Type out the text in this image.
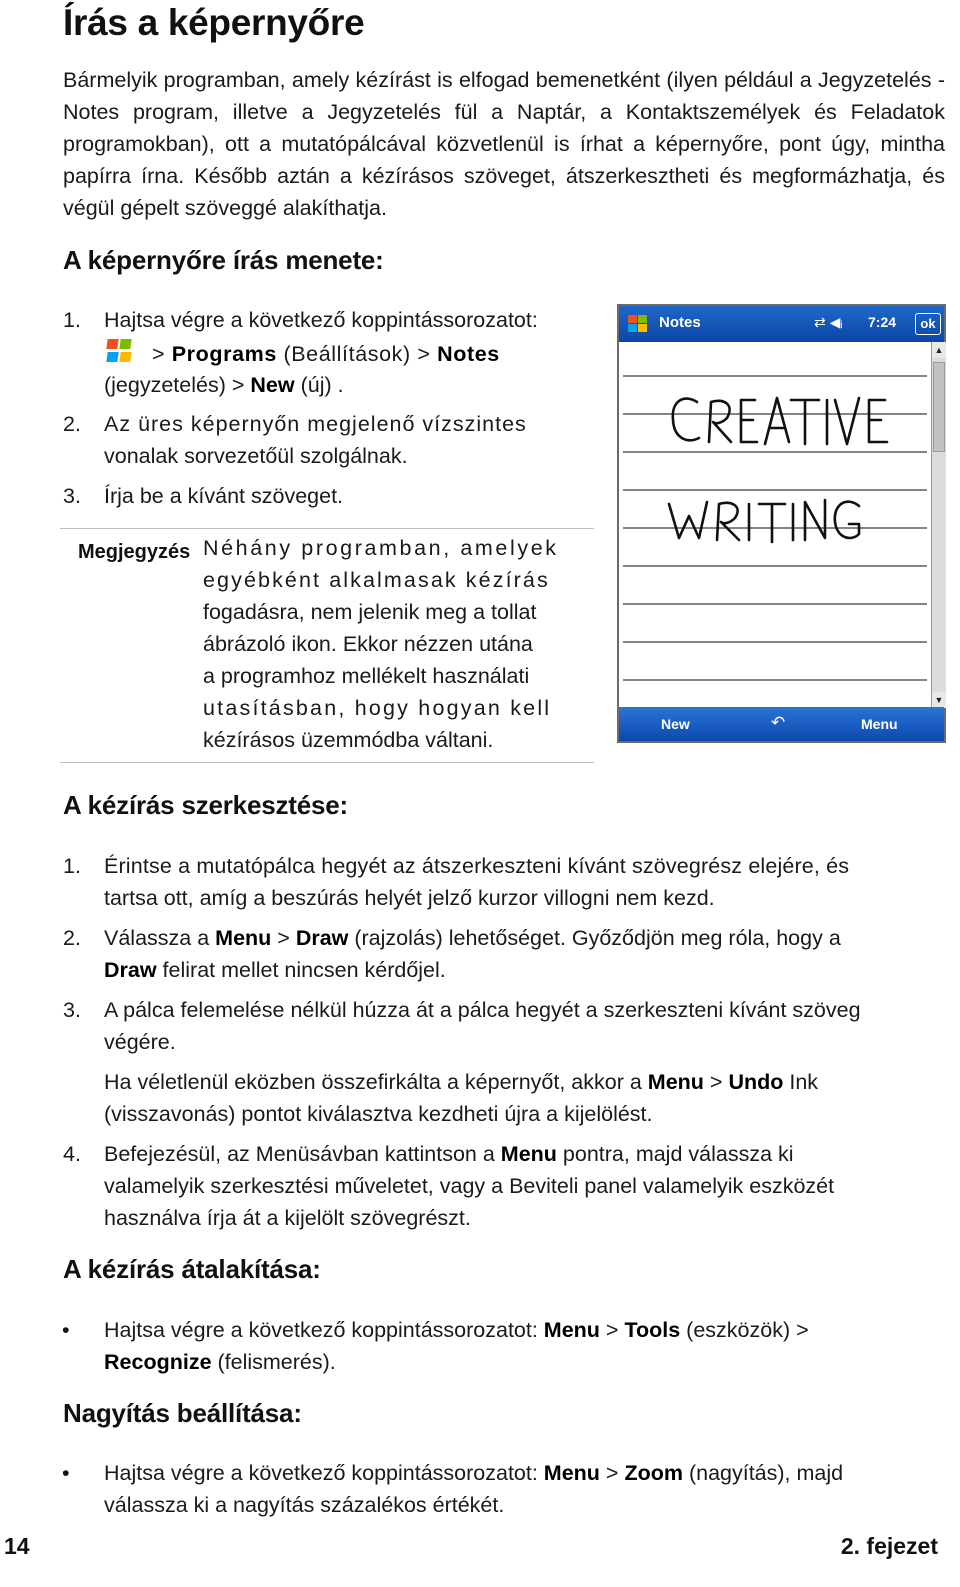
Írás a képernyőre
Bármelyik programban, amely kézírást is elfogad bemenetként (ilyen például a Jegyzetelés - Notes program, illetve a Jegyzetelés fül a Naptár, a Kontaktszemélyek és Feladatok programokban), ott a mutatópálcával közvetlenül is írhat a képernyőre, pont úgy, mintha papírra írna. Később aztán a kézírásos szöveget, átszerkesztheti és megformázhatja, és végül gépelt szöveggé alakíthatja.
A képernyőre írás menete:
1. Hajtsa végre a következő koppintássorozatot:
> Programs (Beállítások) > Notes
(jegyzetelés) > New (új) .
2. Az üres képernyőn megjelenő vízszintes
vonalak sorvezetőül szolgálnak.
3. Írja be a kívánt szöveget.
Megjegyzés Néhány programban, amelyek
egyébként alkalmasak kézírás
fogadásra, nem jelenik meg a tollat
ábrázoló ikon. Ekkor nézzen utána
a programhoz mellékelt használati
utasításban, hogy hogyan kell
kézírásos üzemmódba váltani.
Notes	⇄ ◀ᵢ 7:24	ok
▲
▼
New	↶	Menu
A kézírás szerkesztése:
1. Érintse a mutatópálca hegyét az átszerkeszteni kívánt szövegrész elejére, és
tartsa ott, amíg a beszúrás helyét jelző kurzor villogni nem kezd.
2. Válassza a Menu > Draw (rajzolás) lehetőséget. Győződjön meg róla, hogy a
Draw felirat mellet nincsen kérdőjel.
3. A pálca felemelése nélkül húzza át a pálca hegyét a szerkeszteni kívánt szöveg
végére.
Ha véletlenül eközben összefirkálta a képernyőt, akkor a Menu > Undo Ink
(visszavonás) pontot kiválasztva kezdheti újra a kijelölést.
4. Befejezésül, az Menüsávban kattintson a Menu pontra, majd válassza ki
valamelyik szerkesztési műveletet, vagy a Beviteli panel valamelyik eszközét
használva írja át a kijelölt szövegrészt.
A kézírás átalakítása:
• Hajtsa végre a következő koppintássorozatot: Menu > Tools (eszközök) >
Recognize (felismerés).
Nagyítás beállítása:
• Hajtsa végre a következő koppintássorozatot: Menu > Zoom (nagyítás), majd
válassza ki a nagyítás százalékos értékét.
14	2. fejezet
